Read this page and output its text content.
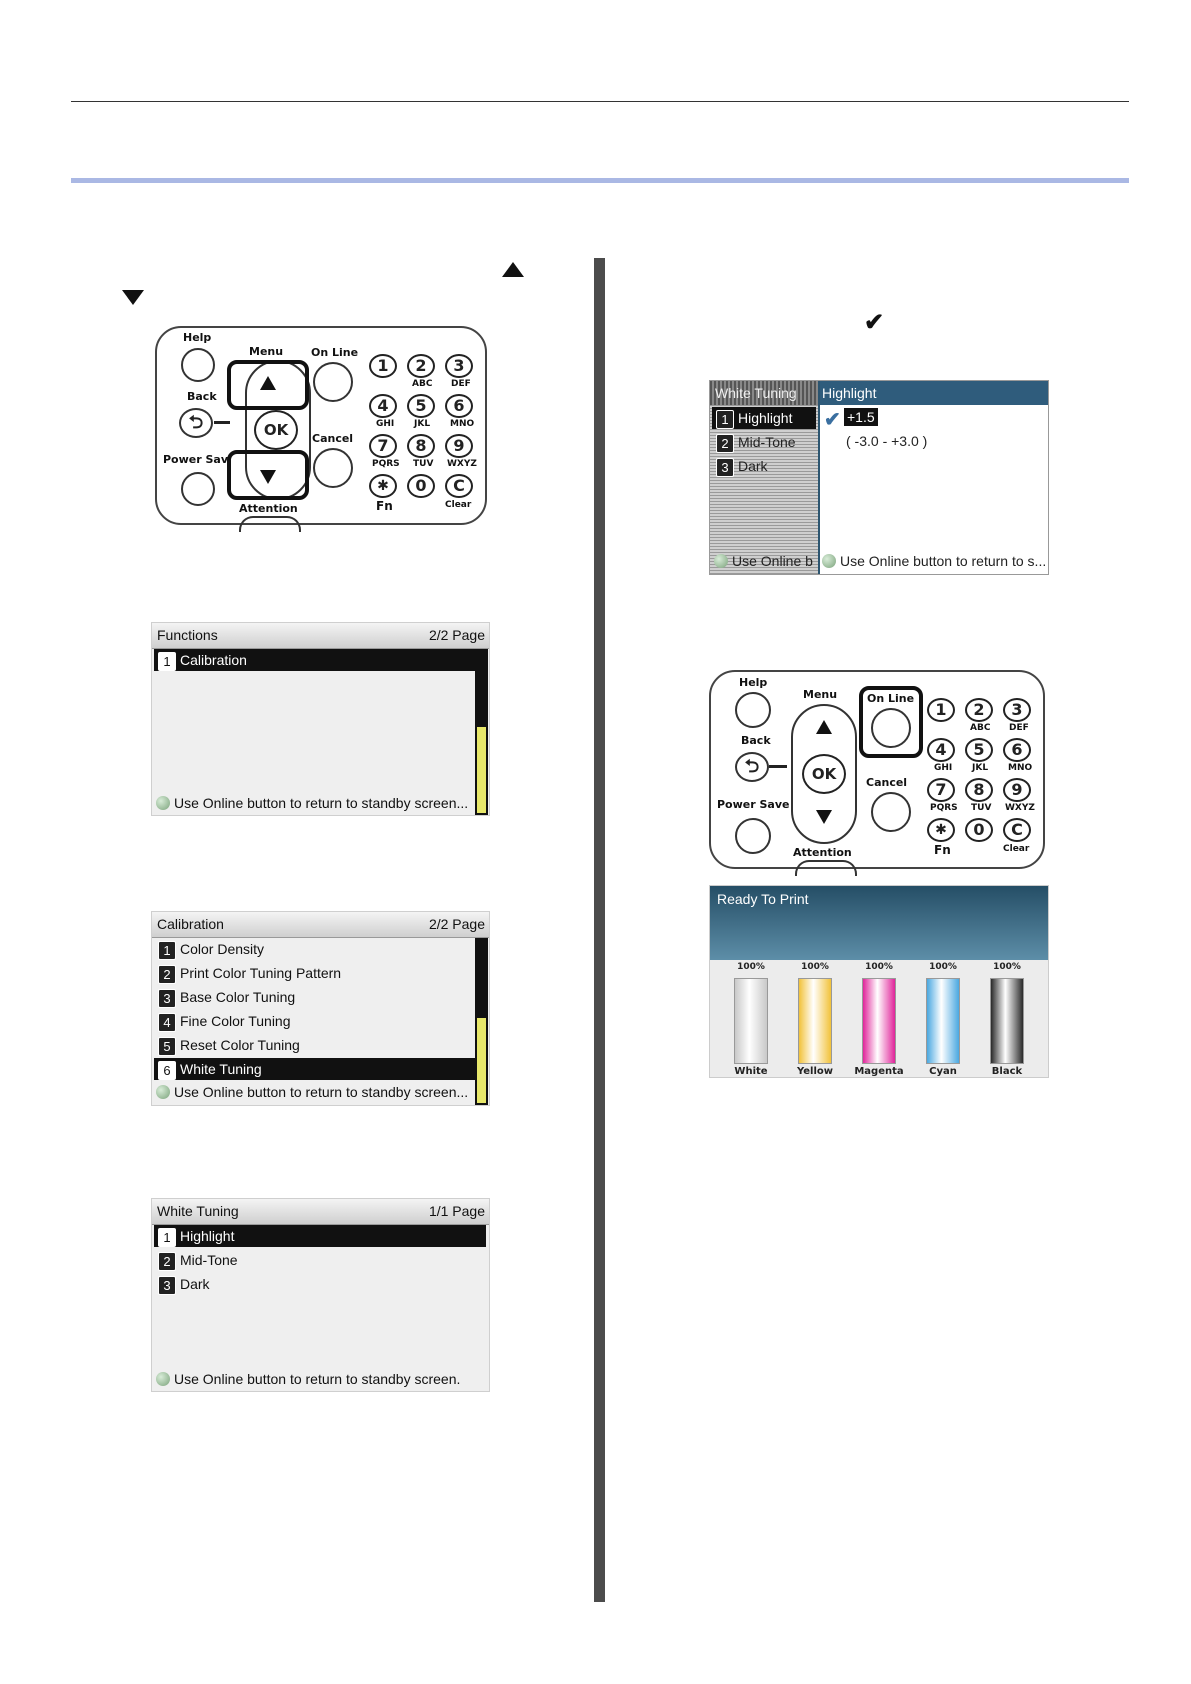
✔
Help
Back
⮌
Power Sav
Menu
OK
Attention
On Line
Cancel
1	2	3
ABC DEF
4	5	6
GHI JKL MNO
7	8	9
PQRS TUV WXYZ
✱	0	C
Fn	Clear
Functions	2/2 Page
1 Calibration
Use Online button to return to standby screen...
Calibration	2/2 Page
1 Color Density
2 Print Color Tuning Pattern
3 Base Color Tuning
4 Fine Color Tuning
5 Reset Color Tuning
6 White Tuning
Use Online button to return to standby screen...
White Tuning	1/1 Page
1 Highlight
2 Mid-Tone
3 Dark
Use Online button to return to standby screen.
White Tuning
1 Highlight
2 Mid-Tone
3 Dark
Use Online b
Highlight
✔ +1.5
( -3.0 - +3.0 )
Use Online button to return to s...
Help
Back
⮌
Power Save
Menu
OK
Attention
On Line
Cancel
1	2	3
ABC DEF
4	5	6
GHI JKL MNO
7	8	9
PQRS TUV WXYZ
✱	0	C
Fn	Clear
Ready To Print
100%
White
100%
Yellow
100%
Magenta
100%
Cyan
100%
Black
